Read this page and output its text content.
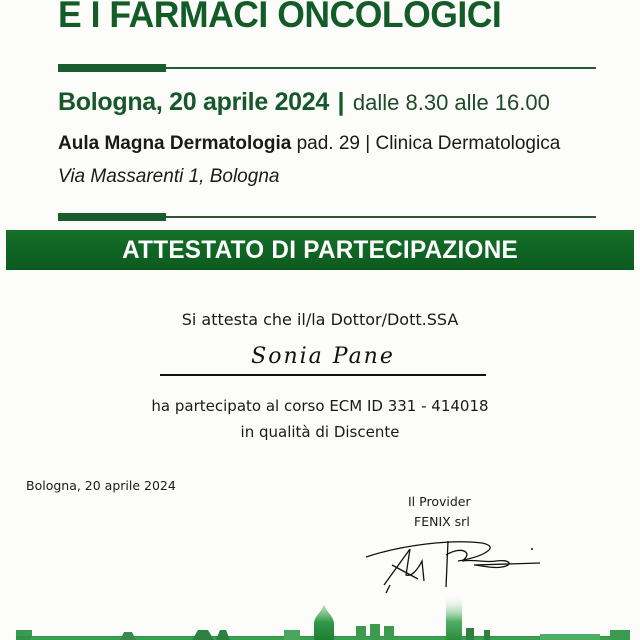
E I FARMACI ONCOLOGICI
Bologna, 20 aprile 2024 | dalle 8.30 alle 16.00
Aula Magna Dermatologia pad. 29 | Clinica Dermatologica
Via Massarenti 1, Bologna
ATTESTATO DI PARTECIPAZIONE
Si attesta che il/la Dottor/Dott.SSA
Sonia Pane
ha partecipato al corso ECM ID 331 - 414018
in qualità di Discente
Bologna, 20 aprile 2024
Il Provider
FENIX srl
